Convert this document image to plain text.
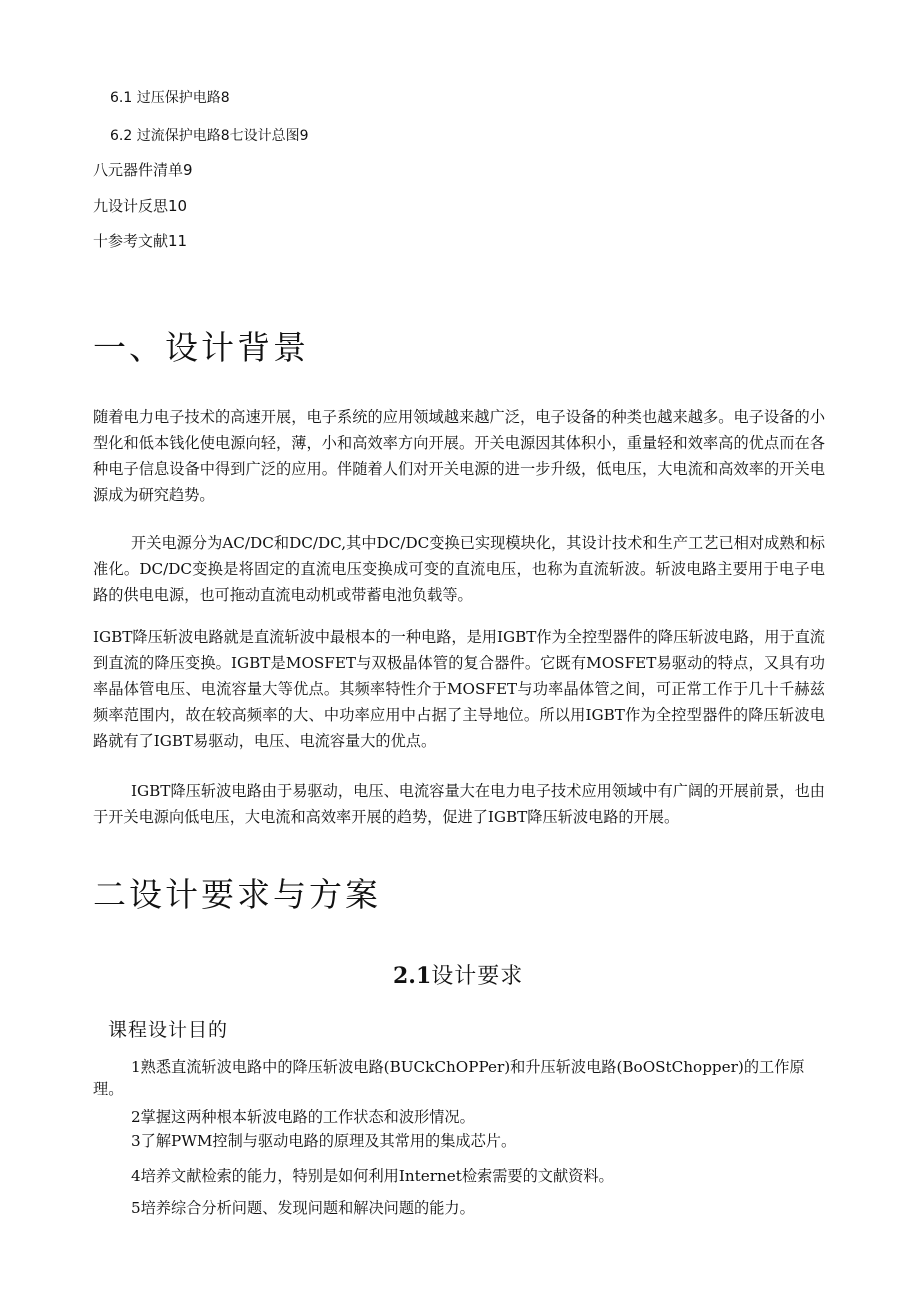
6.1 过压保护电路8
6.2 过流保护电路8七设计总图9
八元器件清单9
九设计反思10
十参考文献11
一、设计背景

随着电力电子技术的高速开展，电子系统的应用领域越来越广泛，电子设备的种类也越来越多。电子设备的小型化和低本钱化使电源向轻，薄，小和高效率方向开展。开关电源因其体积小，重量轻和效率高的优点而在各种电子信息设备中得到广泛的应用。伴随着人们对开关电源的进一步升级，低电压，大电流和高效率的开关电源成为研究趋势。

开关电源分为AC/DC和DC/DC,其中DC/DC变换已实现模块化，其设计技术和生产工艺已相对成熟和标准化。DC/DC变换是将固定的直流电压变换成可变的直流电压，也称为直流斩波。斩波电路主要用于电子电路的供电电源，也可拖动直流电动机或带蓄电池负载等。

IGBT降压斩波电路就是直流斩波中最根本的一种电路，是用IGBT作为全控型器件的降压斩波电路，用于直流到直流的降压变换。IGBT是MOSFET与双极晶体管的复合器件。它既有MOSFET易驱动的特点，又具有功率晶体管电压、电流容量大等优点。其频率特性介于MOSFET与功率晶体管之间，可正常工作于几十千赫兹频率范围内，故在较高频率的大、中功率应用中占据了主导地位。所以用IGBT作为全控型器件的降压斩波电路就有了IGBT易驱动，电压、电流容量大的优点。

IGBT降压斩波电路由于易驱动，电压、电流容量大在电力电子技术应用领域中有广阔的开展前景，也由于开关电源向低电压，大电流和高效率开展的趋势，促进了IGBT降压斩波电路的开展。

二设计要求与方案
2.1设计要求
课程设计目的

1熟悉直流斩波电路中的降压斩波电路(BUCkChOPPer)和升压斩波电路(BoOStChopper)的工作原理。

2掌握这两种根本斩波电路的工作状态和波形情况。
3了解PWM控制与驱动电路的原理及其常用的集成芯片。
4培养文献检索的能力，特别是如何利用Internet检索需要的文献资料。
5培养综合分析问题、发现问题和解决问题的能力。
